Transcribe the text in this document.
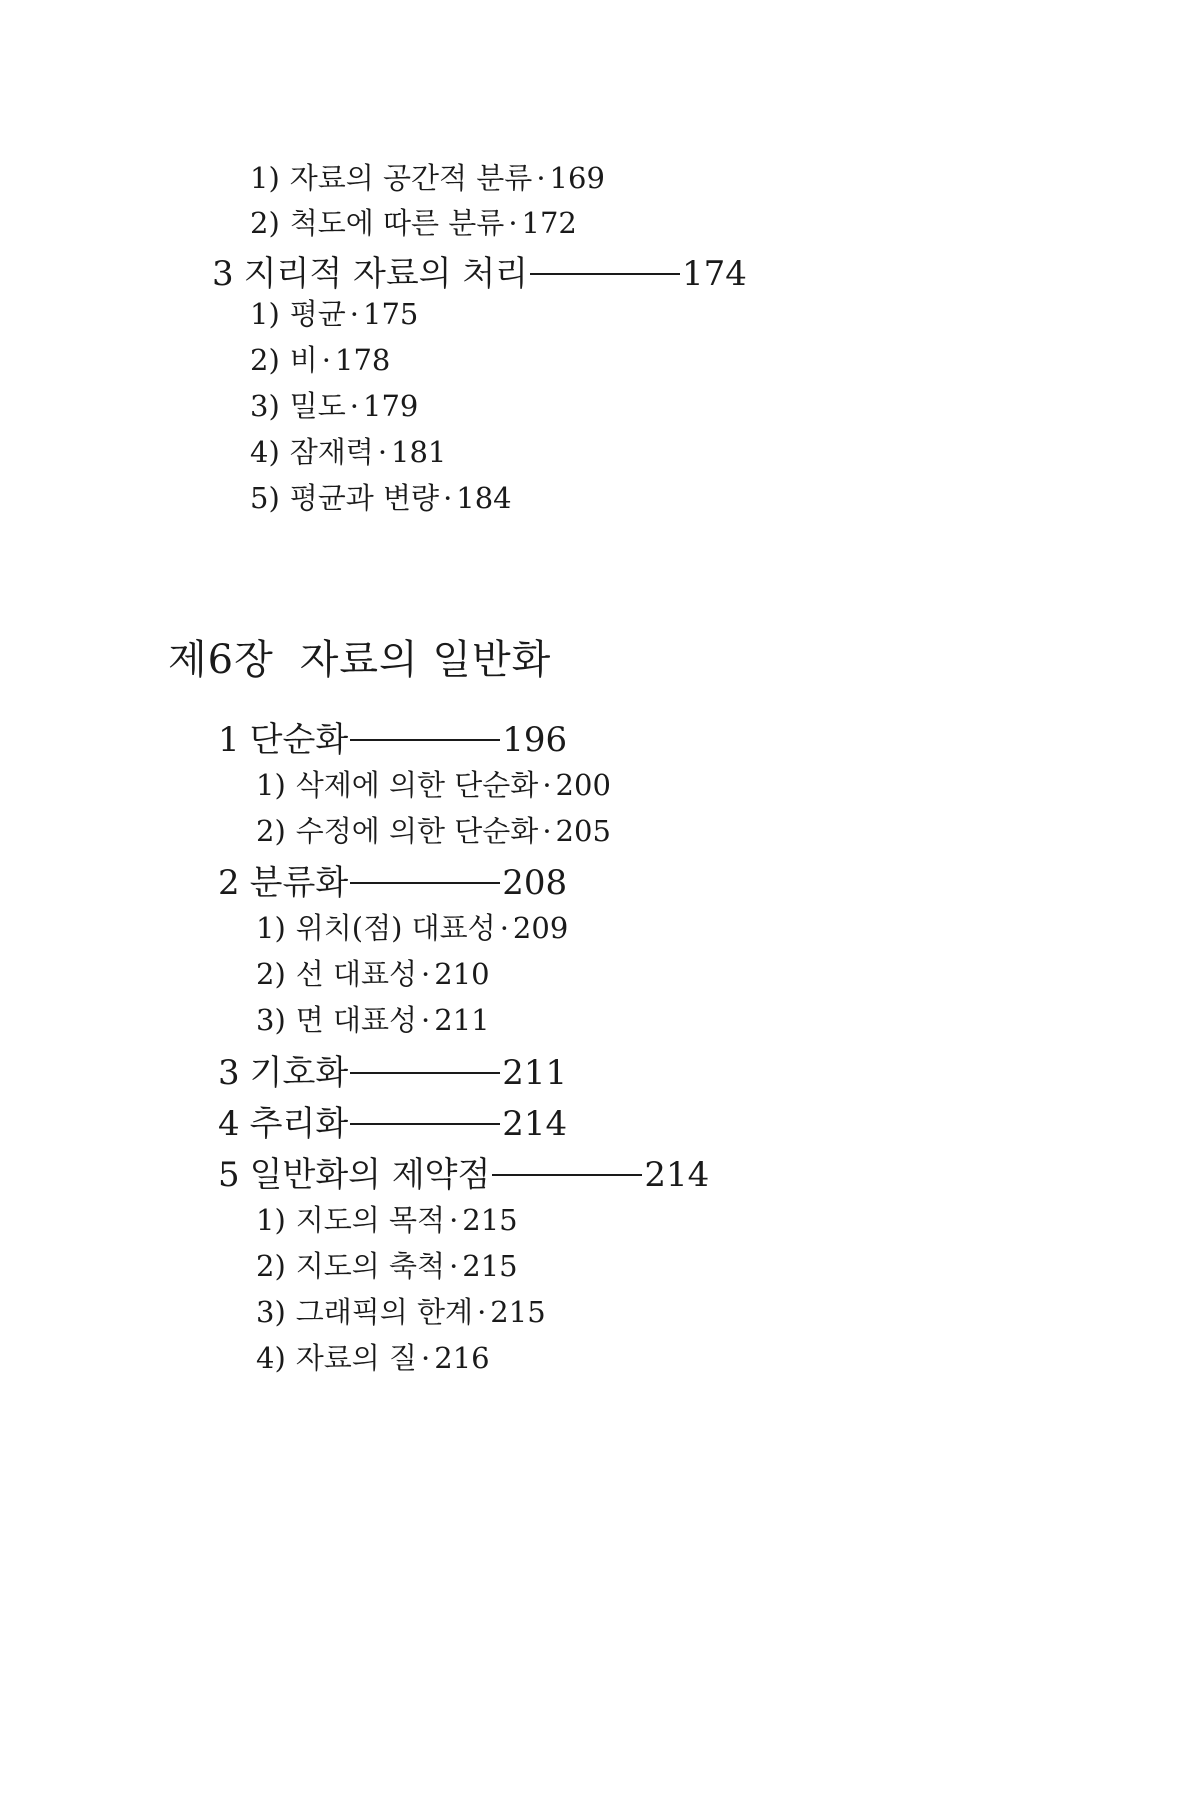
1) 자료의 공간적 분류 · 169
2) 척도에 따른 분류 · 172
3 지리적 자료의 처리	174
1) 평균 · 175
2) 비 · 178
3) 밀도 · 179
4) 잠재력 · 181
5) 평균과 변량 · 184
제6장 자료의 일반화
1 단순화	196
1) 삭제에 의한 단순화 · 200
2) 수정에 의한 단순화 · 205
2 분류화	208
1) 위치(점) 대표성 · 209
2) 선 대표성 · 210
3) 면 대표성 · 211
3 기호화	211
4 추리화	214
5 일반화의 제약점	214
1) 지도의 목적 · 215
2) 지도의 축척 · 215
3) 그래픽의 한계 · 215
4) 자료의 질 · 216
